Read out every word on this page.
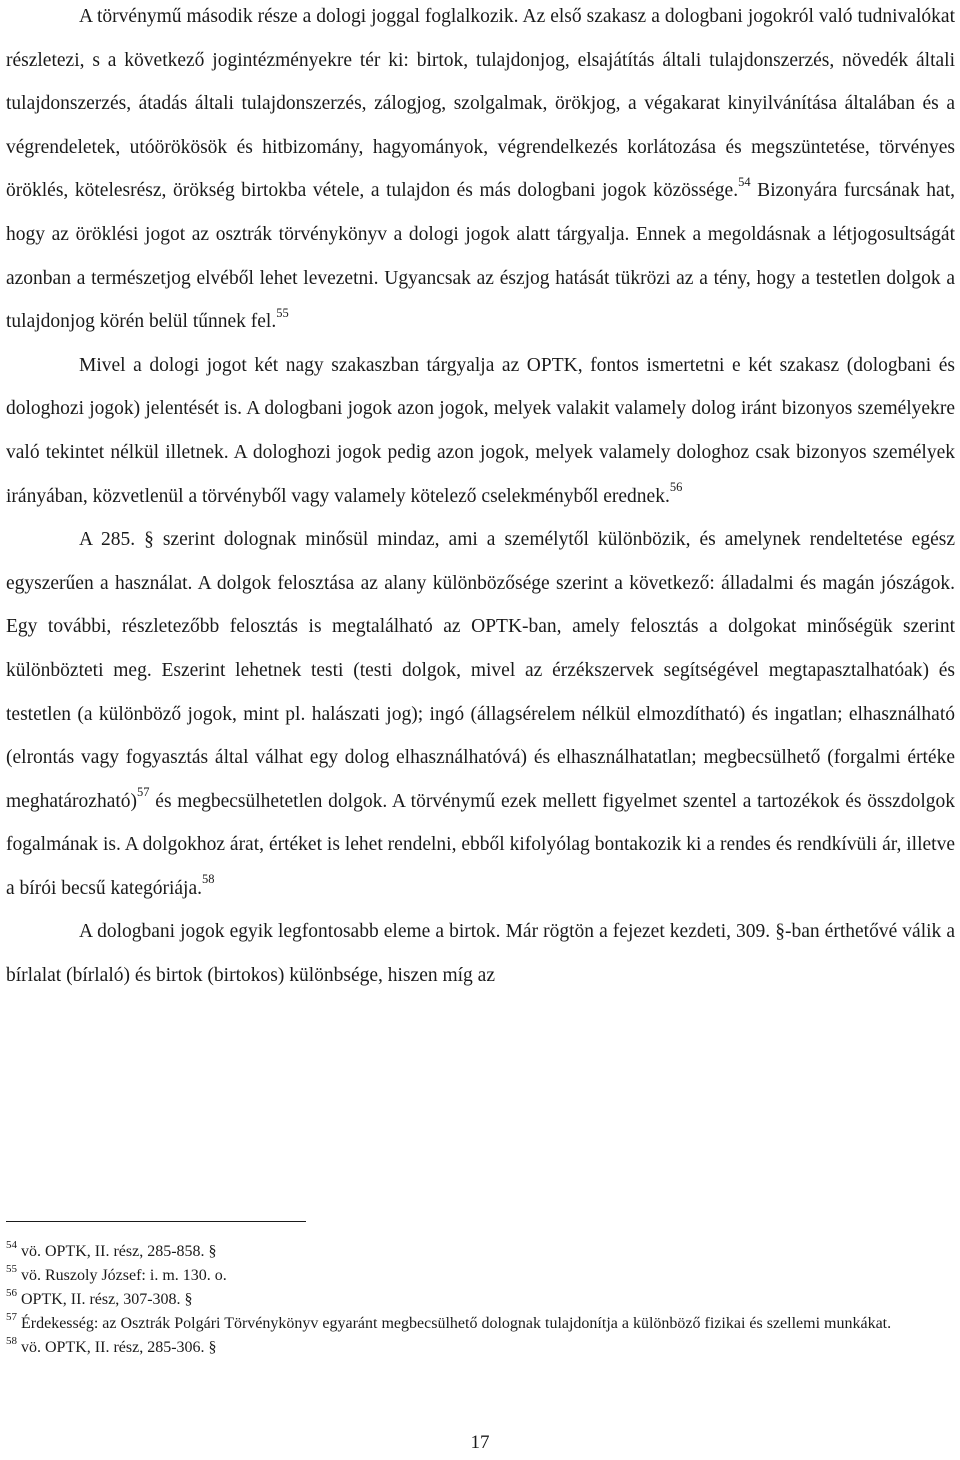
A törvénymű második része a dologi joggal foglalkozik. Az első szakasz a dologbani jogokról való tudnivalókat részletezi, s a következő jogintézményekre tér ki: birtok, tulajdonjog, elsajátítás általi tulajdonszerzés, növedék általi tulajdonszerzés, átadás általi tulajdonszerzés, zálogjog, szolgalmak, örökjog, a végakarat kinyilvánítása általában és a végrendeletek, utóörökösök és hitbizomány, hagyományok, végrendelkezés korlátozása és megszüntetése, törvényes öröklés, kötelesrész, örökség birtokba vétele, a tulajdon és más dologbani jogok közössége.$^{54}$ Bizonyára furcsának hat, hogy az öröklési jogot az osztrák törvénykönyv a dologi jogok alatt tárgyalja. Ennek a megoldásnak a létjogosultságát azonban a természetjog elvéből lehet levezetni. Ugyancsak az észjog hatását tükrözi az a tény, hogy a testetlen dolgok a tulajdonjog körén belül tűnnek fel.$^{55}$

Mivel a dologi jogot két nagy szakaszban tárgyalja az OPTK, fontos ismertetni e két szakasz (dologbani és dologhozi jogok) jelentését is. A dologbani jogok azon jogok, melyek valakit valamely dolog iránt bizonyos személyekre való tekintet nélkül illetnek. A dologhozi jogok pedig azon jogok, melyek valamely dologhoz csak bizonyos személyek irányában, közvetlenül a törvényből vagy valamely kötelező cselekményből erednek.$^{56}$

A 285. § szerint dolognak minősül mindaz, ami a személytől különbözik, és amelynek rendeltetése egész egyszerűen a használat. A dolgok felosztása az alany különbözősége szerint a következő: álladalmi és magán jószágok. Egy további, részletezőbb felosztás is megtalálható az OPTK-ban, amely felosztás a dolgokat minőségük szerint különbözteti meg. Eszerint lehetnek testi (testi dolgok, mivel az érzékszervek segítségével megtapasztalhatóak) és testetlen (a különböző jogok, mint pl. halászati jog); ingó (állagsérelem nélkül elmozdítható) és ingatlan; elhasználható (elrontás vagy fogyasztás által válhat egy dolog elhasználhatóvá) és elhasználhatatlan; megbecsülhető (forgalmi értéke meghatározható)$^{57}$ és megbecsülhetetlen dolgok. A törvénymű ezek mellett figyelmet szentel a tartozékok és összdolgok fogalmának is. A dolgokhoz árat, értéket is lehet rendelni, ebből kifolyólag bontakozik ki a rendes és rendkívüli ár, illetve a bírói becsű kategóriája.$^{58}$

A dologbani jogok egyik legfontosabb eleme a birtok. Már rögtön a fejezet kezdeti, 309. §-ban érthetővé válik a bírlalat (bírlaló) és birtok (birtokos) különbsége, hiszen míg az

$^{54}$ vö. OPTK, II. rész, 285-858. §

$^{55}$ vö. Ruszoly József: i. m. 130. o.

$^{56}$ OPTK, II. rész, 307-308. §

$^{57}$ Érdekesség: az Osztrák Polgári Törvénykönyv egyaránt megbecsülhető dolognak tulajdonítja a különböző fizikai és szellemi munkákat.

$^{58}$ vö. OPTK, II. rész, 285-306. §

17
